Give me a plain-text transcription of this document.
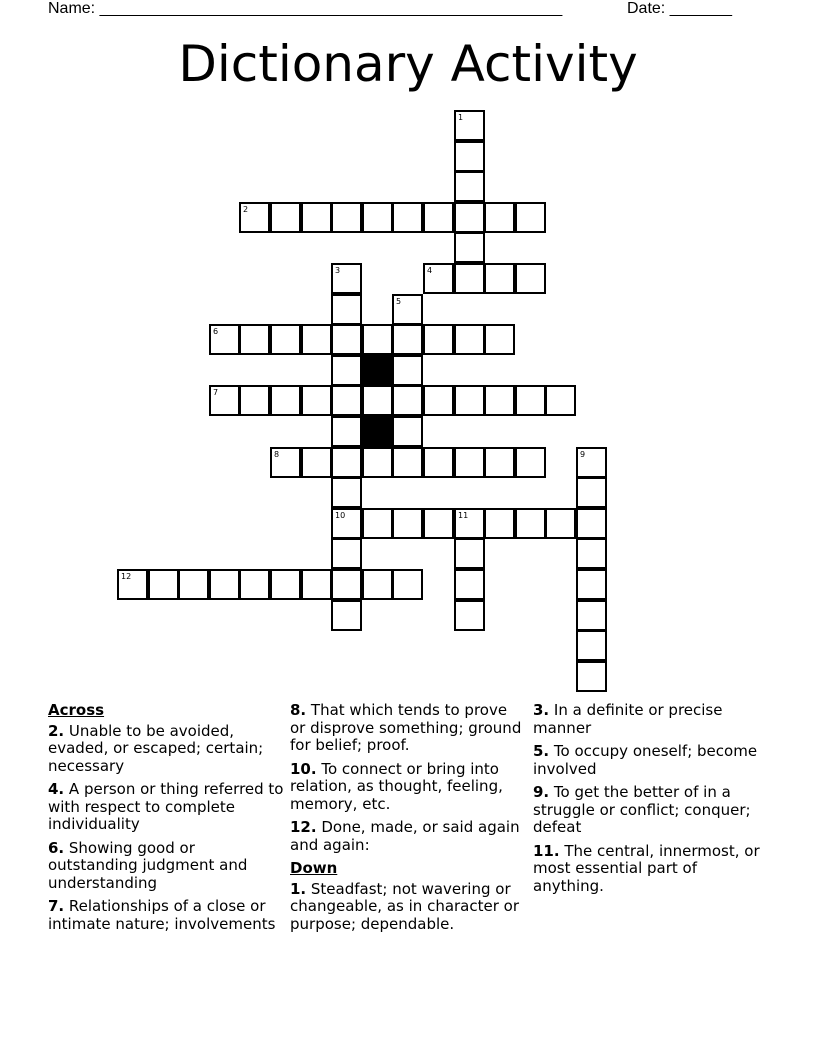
Name: ____________________________________________________	Date: _______
Dictionary Activity
1
2
3	4
5
6
7
8	9
10	11
12
Across
2. Unable to be avoided, evaded, or escaped; certain; necessary
4. A person or thing referred to with respect to complete individuality
6. Showing good or outstanding judgment and understanding
7. Relationships of a close or intimate nature; involvements
8. That which tends to prove or disprove something; ground for belief; proof.
10. To connect or bring into relation, as thought, feeling, memory, etc.
12. Done, made, or said again and again:
Down
1. Steadfast; not wavering or changeable, as in character or purpose; dependable.
3. In a definite or precise manner
5. To occupy oneself; become involved
9. To get the better of in a struggle or conflict; conquer; defeat
11. The central, innermost, or most essential part of anything.
